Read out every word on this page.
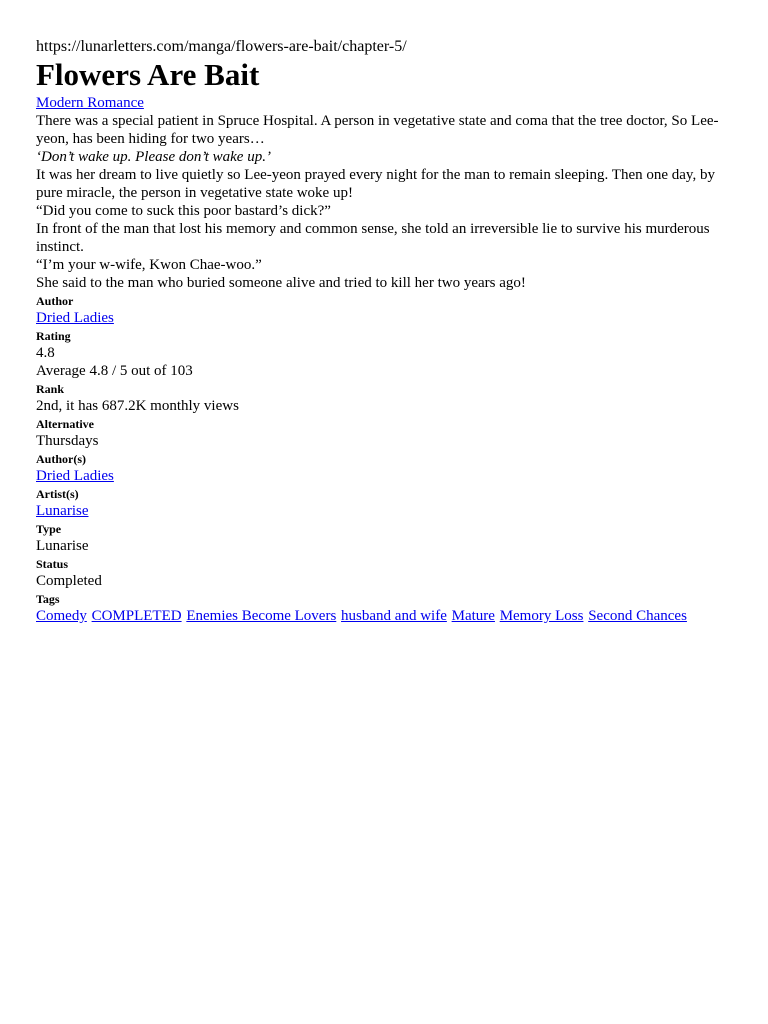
https://lunarletters.com/manga/flowers-are-bait/chapter-5/

Flowers Are Bait
Modern Romance

There was a special patient in Spruce Hospital. A person in vegetative state and coma that the tree doctor, So Lee-yeon, has been hiding for two years…

‘Don’t wake up. Please don’t wake up.’

It was her dream to live quietly so Lee-yeon prayed every night for the man to remain sleeping. Then one day, by pure miracle, the person in vegetative state woke up!

“Did you come to suck this poor bastard’s dick?”

In front of the man that lost his memory and common sense, she told an irreversible lie to survive his murderous instinct.

“I’m your w-wife, Kwon Chae-woo.”

She said to the man who buried someone alive and tried to kill her two years ago!

Author
Dried Ladies
Rating
4.8
Average 4.8 / 5 out of 103
Rank
2nd, it has 687.2K monthly views
Alternative
Thursdays
Author(s)
Dried Ladies
Artist(s)
Lunarise
Type
Lunarise
Status
Completed
Tags
Comedy COMPLETED Enemies Become Lovers husband and wife Mature Memory Loss Second Chances
